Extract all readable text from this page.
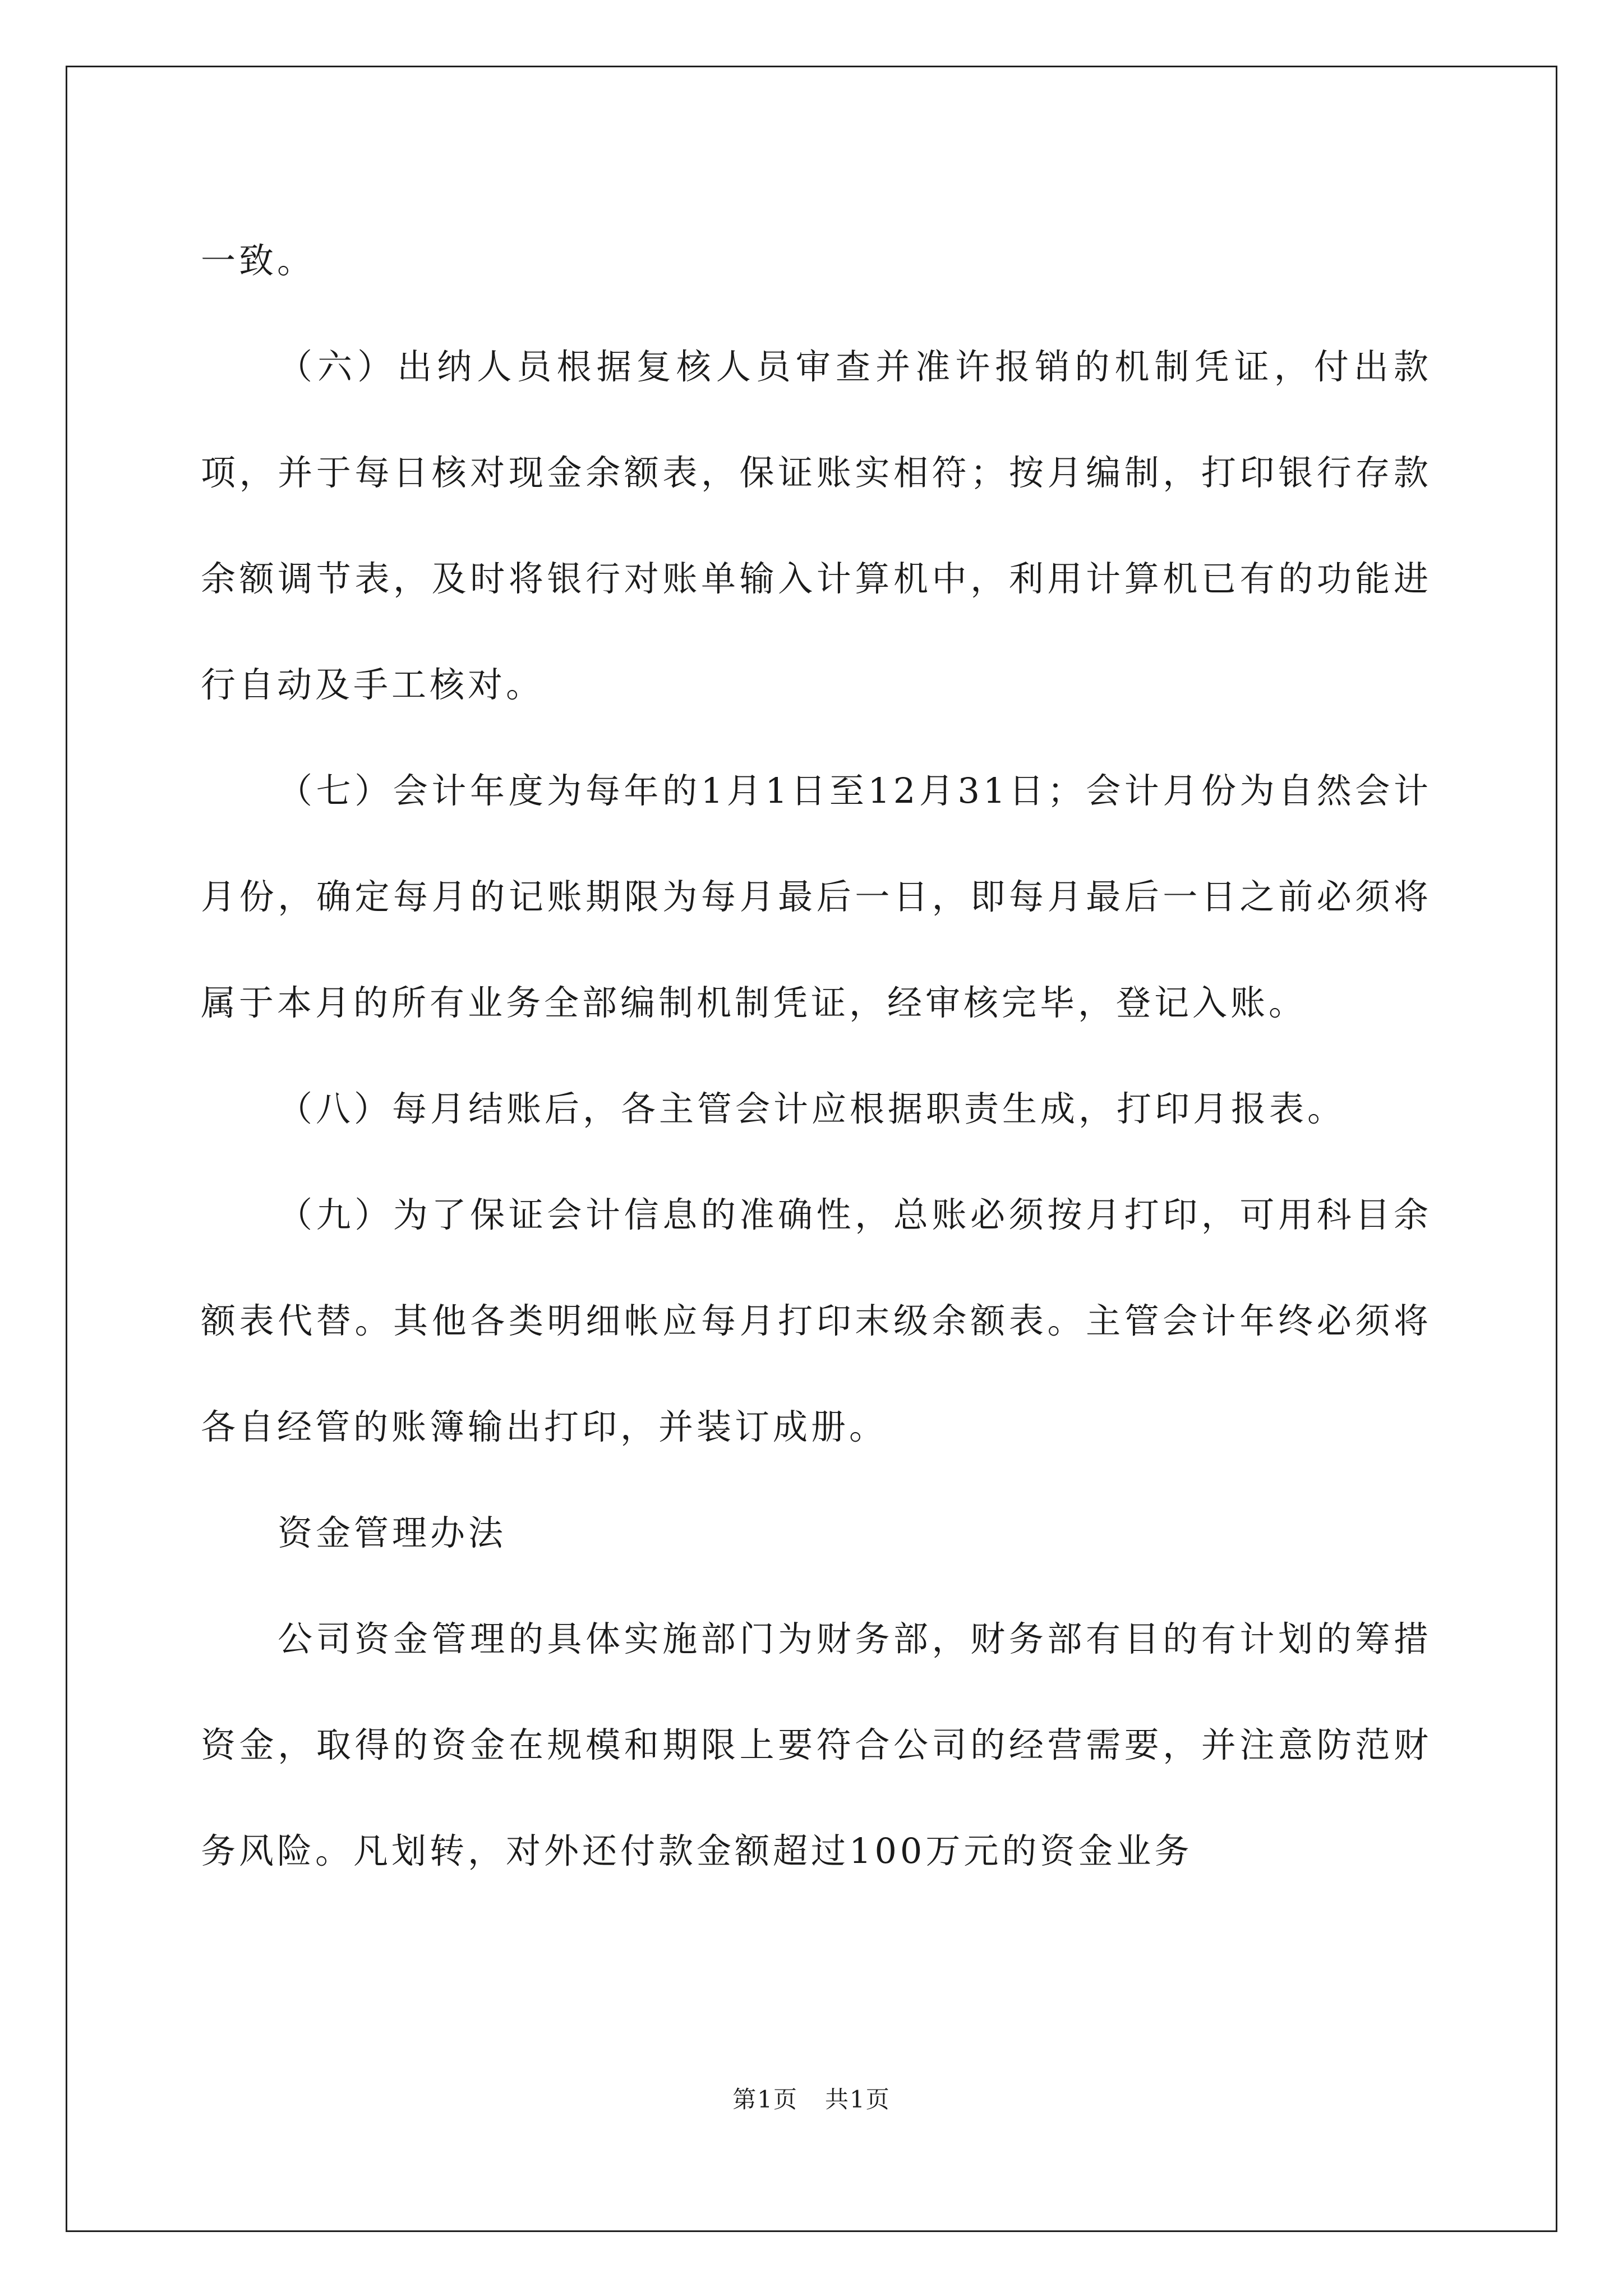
一致。

（六）出纳人员根据复核人员审查并准许报销的机制凭证，付出款项，并于每日核对现金余额表，保证账实相符；按月编制，打印银行存款余额调节表，及时将银行对账单输入计算机中，利用计算机已有的功能进行自动及手工核对。

（七）会计年度为每年的1月1日至12月31日；会计月份为自然会计月份，确定每月的记账期限为每月最后一日，即每月最后一日之前必须将属于本月的所有业务全部编制机制凭证，经审核完毕，登记入账。

（八）每月结账后，各主管会计应根据职责生成，打印月报表。

（九）为了保证会计信息的准确性，总账必须按月打印，可用科目余额表代替。其他各类明细帐应每月打印末级余额表。主管会计年终必须将各自经管的账簿输出打印，并装订成册。

资金管理办法

公司资金管理的具体实施部门为财务部，财务部有目的有计划的筹措资金，取得的资金在规模和期限上要符合公司的经营需要，并注意防范财务风险。凡划转，对外还付款金额超过100万元的资金业务

第1页 共1页
